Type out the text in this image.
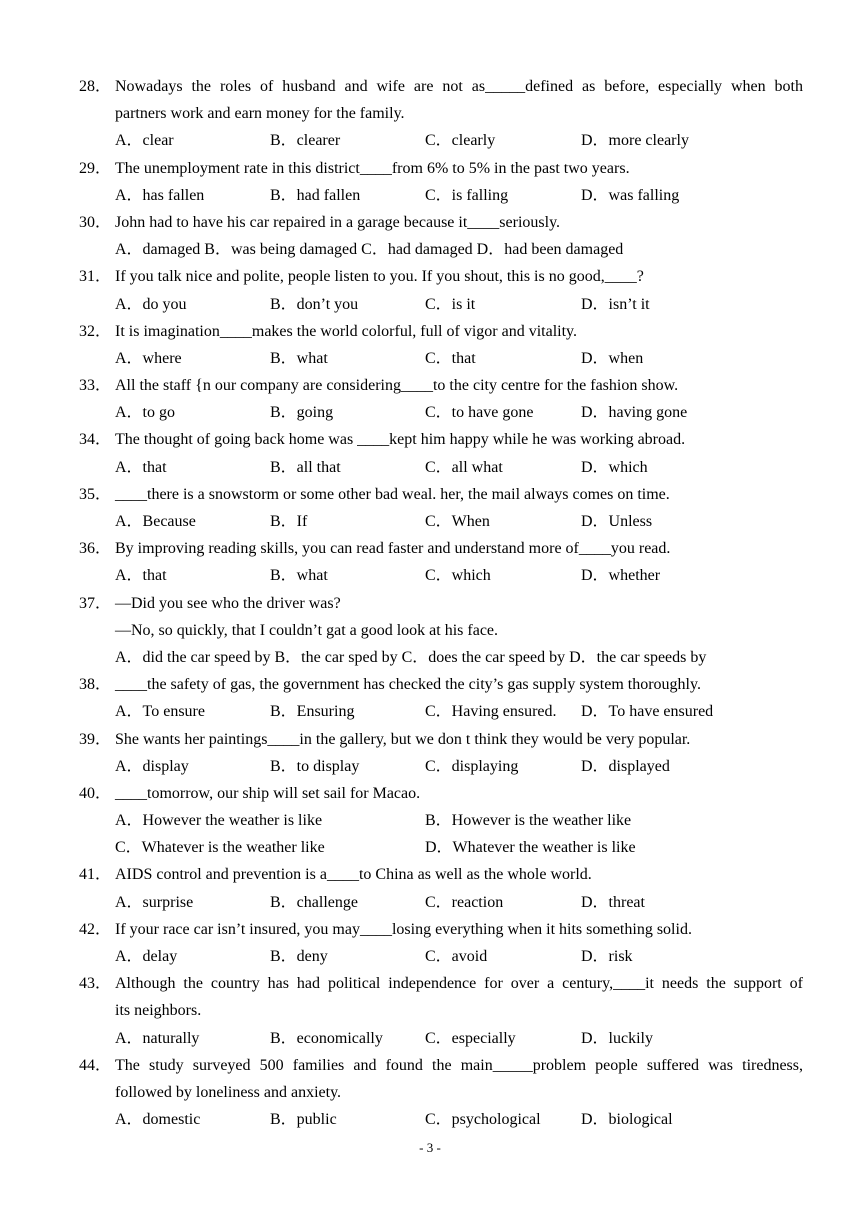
28． Nowadays the roles of husband and wife are not as_____defined as before, especially when both
partners work and earn money for the family.
A．clear	B．clearer	C．clearly	D．more clearly
29． The unemployment rate in this district____from 6% to 5% in the past two years.
A．has fallen	B．had fallen	C．is falling	D．was falling
30． John had to have his car repaired in a garage because it____seriously.
A．damaged B．was being damaged C．had damaged D．had been damaged
31． If you talk nice and polite, people listen to you. If you shout, this is no good,____?
A．do you	B．don’t you	C．is it	D．isn’t it
32． It is imagination____makes the world colorful, full of vigor and vitality.
A．where	B．what	C．that	D．when
33． All the staff {n our company are considering____to the city centre for the fashion show.
A．to go	B．going	C．to have gone	D．having gone
34． The thought of going back home was ____kept him happy while he was working abroad.
A．that	B．all that	C．all what	D．which
35． ____there is a snowstorm or some other bad weal. her, the mail always comes on time.
A．Because	B．If	C．When	D．Unless
36． By improving reading skills, you can read faster and understand more of____you read.
A．that	B．what	C．which	D．whether
37． —Did you see who the driver was?
—No, so quickly, that I couldn’t gat a good look at his face.
A．did the car speed by B．the car sped by C．does the car speed by D．the car speeds by
38． ____the safety of gas, the government has checked the city’s gas supply system thoroughly.
A．To ensure	B．Ensuring	C．Having ensured. D．To have ensured
39． She wants her paintings____in the gallery, but we don t think they would be very popular.
A．display	B．to display	C．displaying	D．displayed
40． ____tomorrow, our ship will set sail for Macao.
A．However the weather is like	B．However is the weather like
C．Whatever is the weather like	D．Whatever the weather is like
41． AIDS control and prevention is a____to China as well as the whole world.
A．surprise	B．challenge	C．reaction	D．threat
42． If your race car isn’t insured, you may____losing everything when it hits something solid.
A．delay	B．deny	C．avoid	D．risk
43． Although the country has had political independence for over a century,____it needs the support of
its neighbors.
A．naturally	B．economically	C．especially	D．luckily
44． The study surveyed 500 families and found the main_____problem people suffered was tiredness,
followed by loneliness and anxiety.
A．domestic	B．public	C．psychological	D．biological
- 3 -
